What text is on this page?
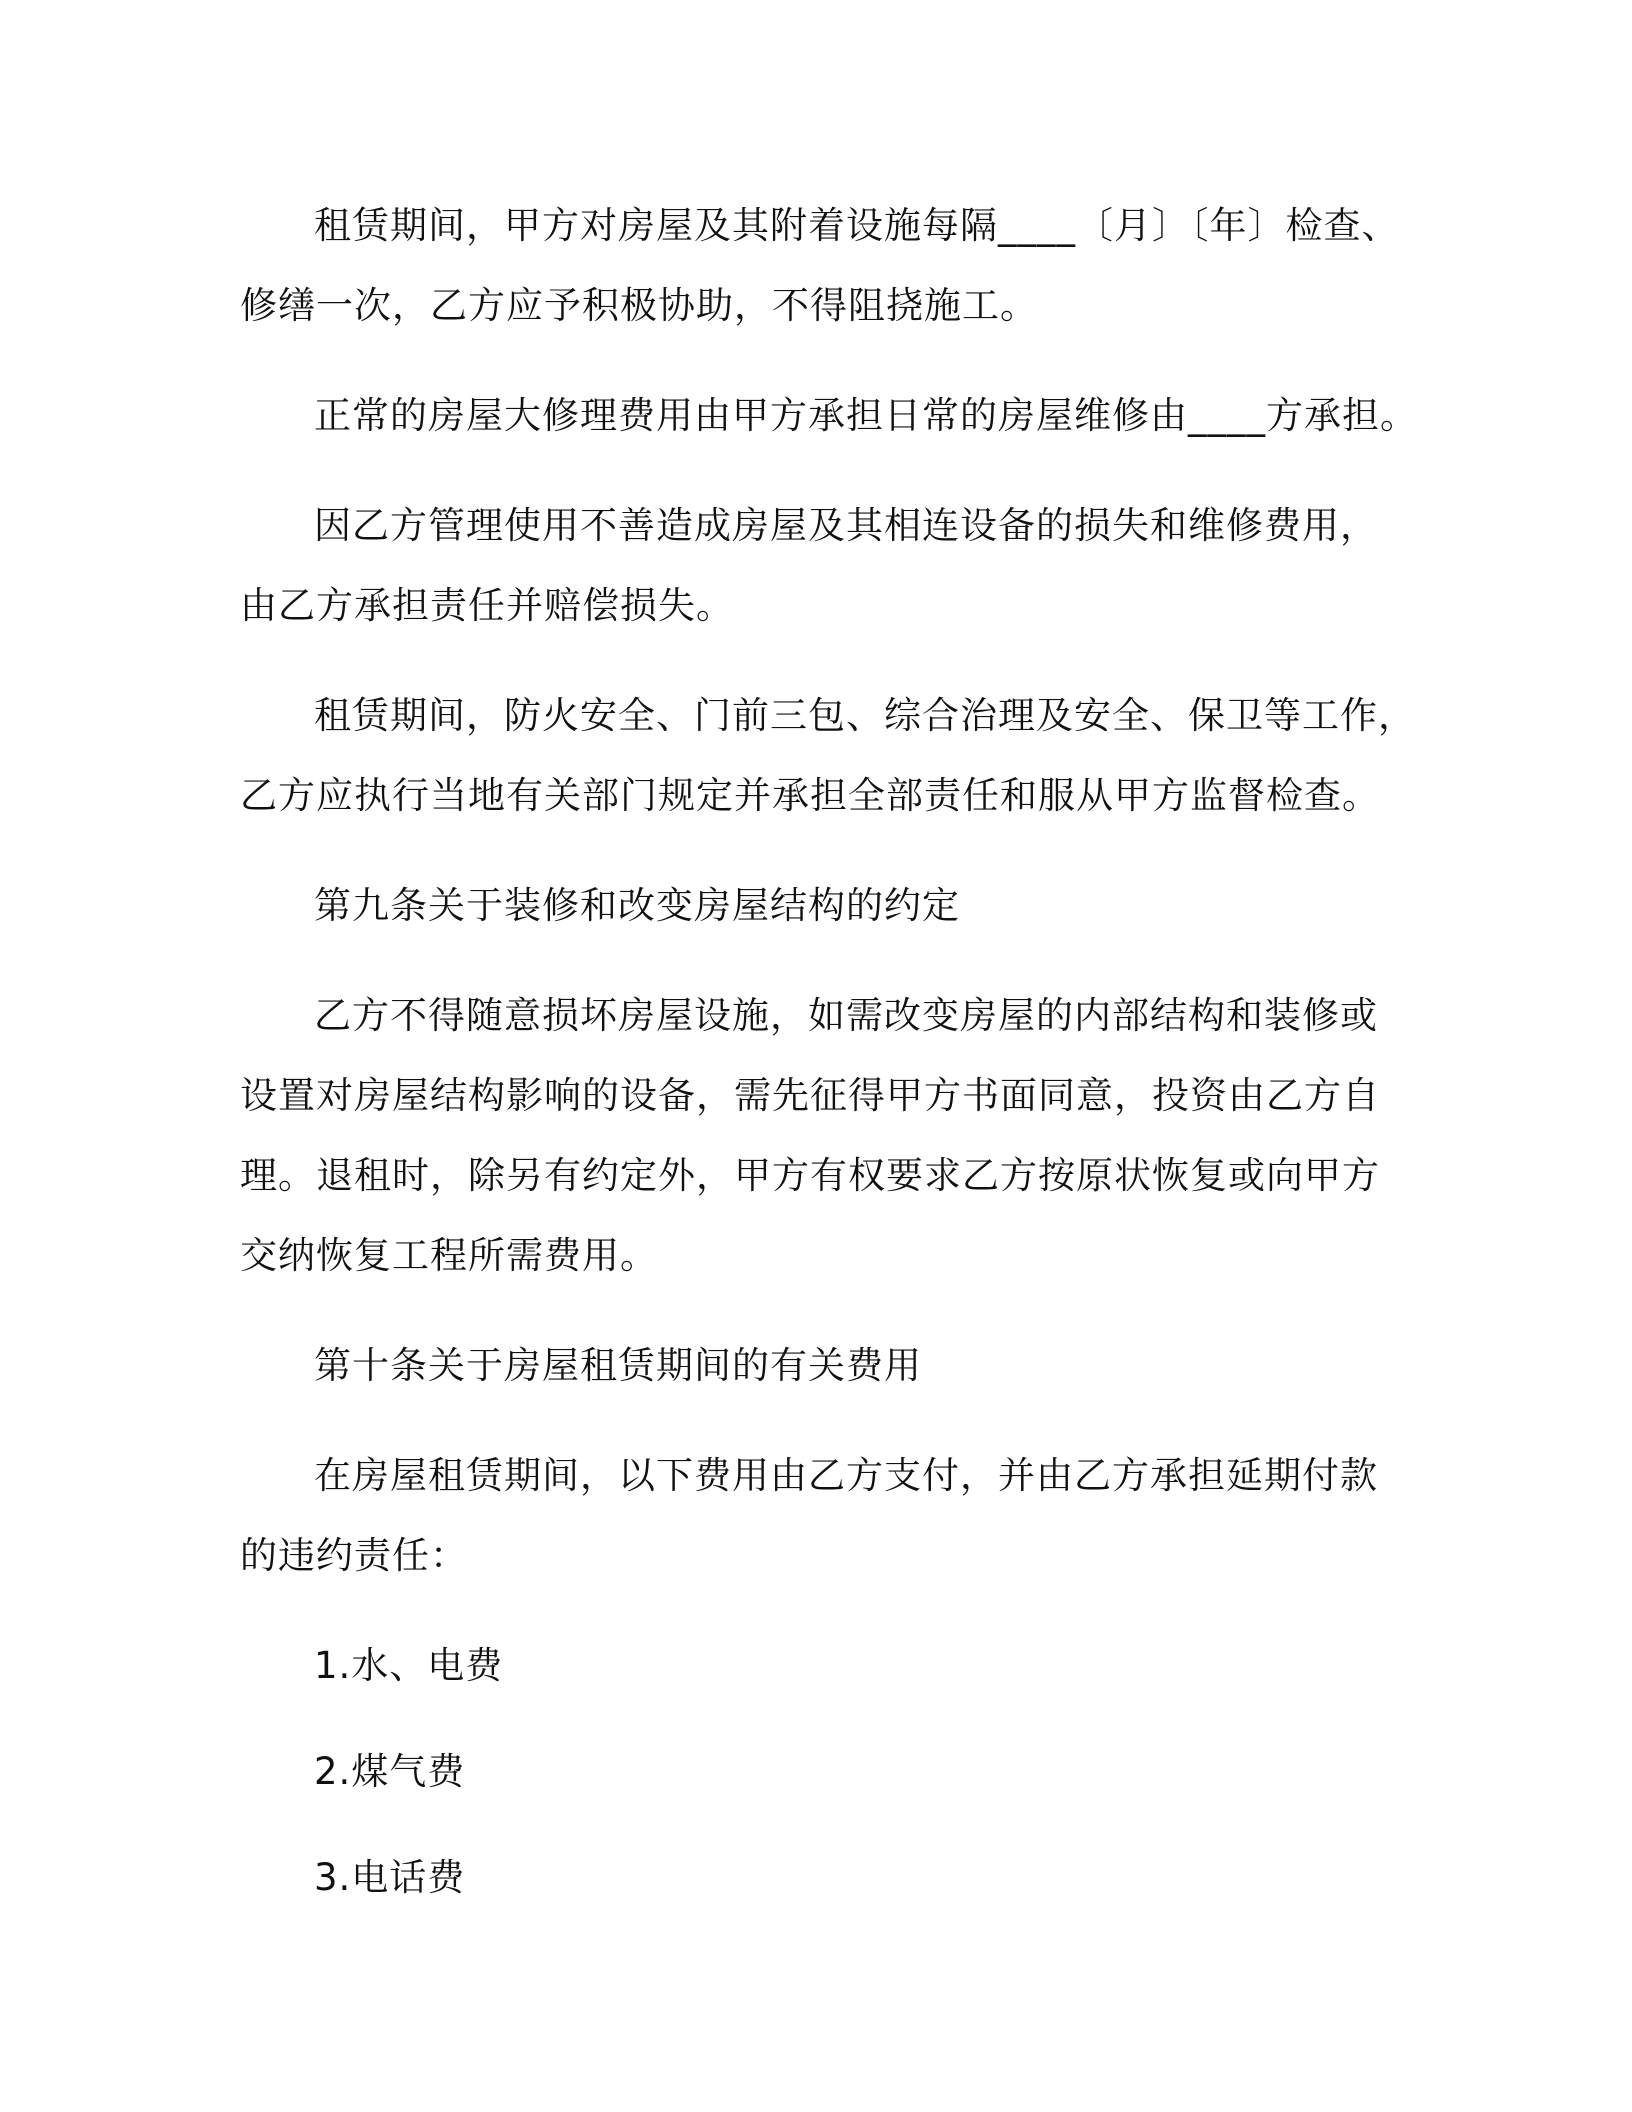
租赁期间，甲方对房屋及其附着设施每隔____〔月〕〔年〕检查、
修缮一次，乙方应予积极协助，不得阻挠施工。

正常的房屋大修理费用由甲方承担日常的房屋维修由____方承担。

因乙方管理使用不善造成房屋及其相连设备的损失和维修费用，
由乙方承担责任并赔偿损失。

租赁期间，防火安全、门前三包、综合治理及安全、保卫等工作，
乙方应执行当地有关部门规定并承担全部责任和服从甲方监督检查。

第九条关于装修和改变房屋结构的约定

乙方不得随意损坏房屋设施，如需改变房屋的内部结构和装修或
设置对房屋结构影响的设备，需先征得甲方书面同意，投资由乙方自
理。退租时，除另有约定外，甲方有权要求乙方按原状恢复或向甲方
交纳恢复工程所需费用。

第十条关于房屋租赁期间的有关费用

在房屋租赁期间，以下费用由乙方支付，并由乙方承担延期付款
的违约责任：

1.水、电费
2.煤气费
3.电话费
